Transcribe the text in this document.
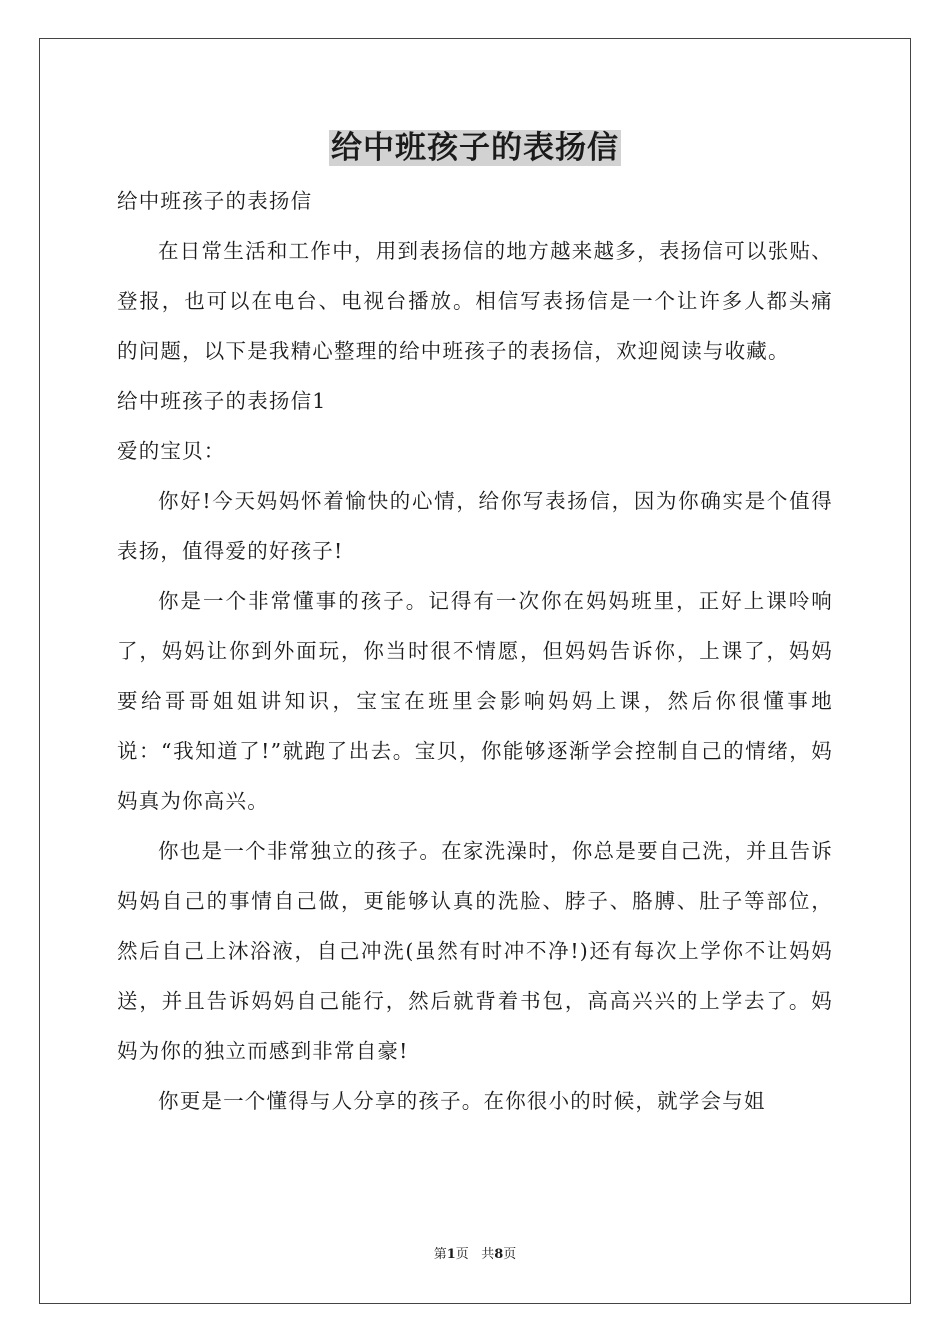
给中班孩子的表扬信

给中班孩子的表扬信

在日常生活和工作中，用到表扬信的地方越来越多，表扬信可以张贴、登报，也可以在电台、电视台播放。相信写表扬信是一个让许多人都头痛的问题，以下是我精心整理的给中班孩子的表扬信，欢迎阅读与收藏。

给中班孩子的表扬信1

爱的宝贝：

你好!今天妈妈怀着愉快的心情，给你写表扬信，因为你确实是个值得表扬，值得爱的好孩子!

你是一个非常懂事的孩子。记得有一次你在妈妈班里，正好上课呤响了，妈妈让你到外面玩，你当时很不情愿，但妈妈告诉你，上课了，妈妈要给哥哥姐姐讲知识，宝宝在班里会影响妈妈上课，然后你很懂事地说：“我知道了!”就跑了出去。宝贝，你能够逐渐学会控制自己的情绪，妈妈真为你高兴。

你也是一个非常独立的孩子。在家洗澡时，你总是要自己洗，并且告诉妈妈自己的事情自己做，更能够认真的洗脸、脖子、胳膊、肚子等部位，然后自己上沐浴液，自己冲洗(虽然有时冲不净!)还有每次上学你不让妈妈送，并且告诉妈妈自己能行，然后就背着书包，高高兴兴的上学去了。妈妈为你的独立而感到非常自豪!

你更是一个懂得与人分享的孩子。在你很小的时候，就学会与姐

第1页 共8页
